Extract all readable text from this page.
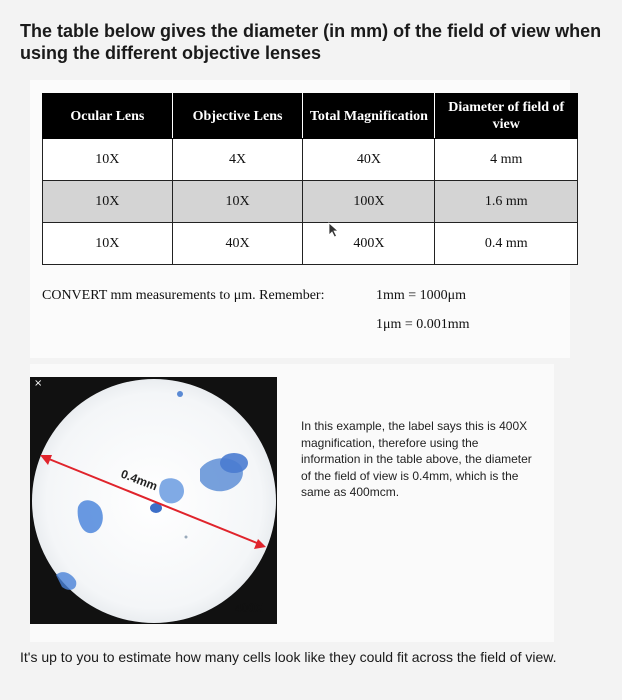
The table below gives the diameter (in mm) of the field of view when using the different objective lenses
Ocular Lens	Objective Lens	Total Magnification	Diameter of field of view
10X	4X	40X	4 mm
10X	10X	100X	1.6 mm
10X	40X	400X	0.4 mm
CONVERT mm measurements to μm. Remember:	1mm = 1000μm
1μm = 0.001mm
0.4mm
400X
×
In this example, the label says this is 400X magnification, therefore using the information in the table above, the diameter of the field of view is 0.4mm, which is the same as 400mcm.
It's up to you to estimate how many cells look like they could fit across the field of view.
